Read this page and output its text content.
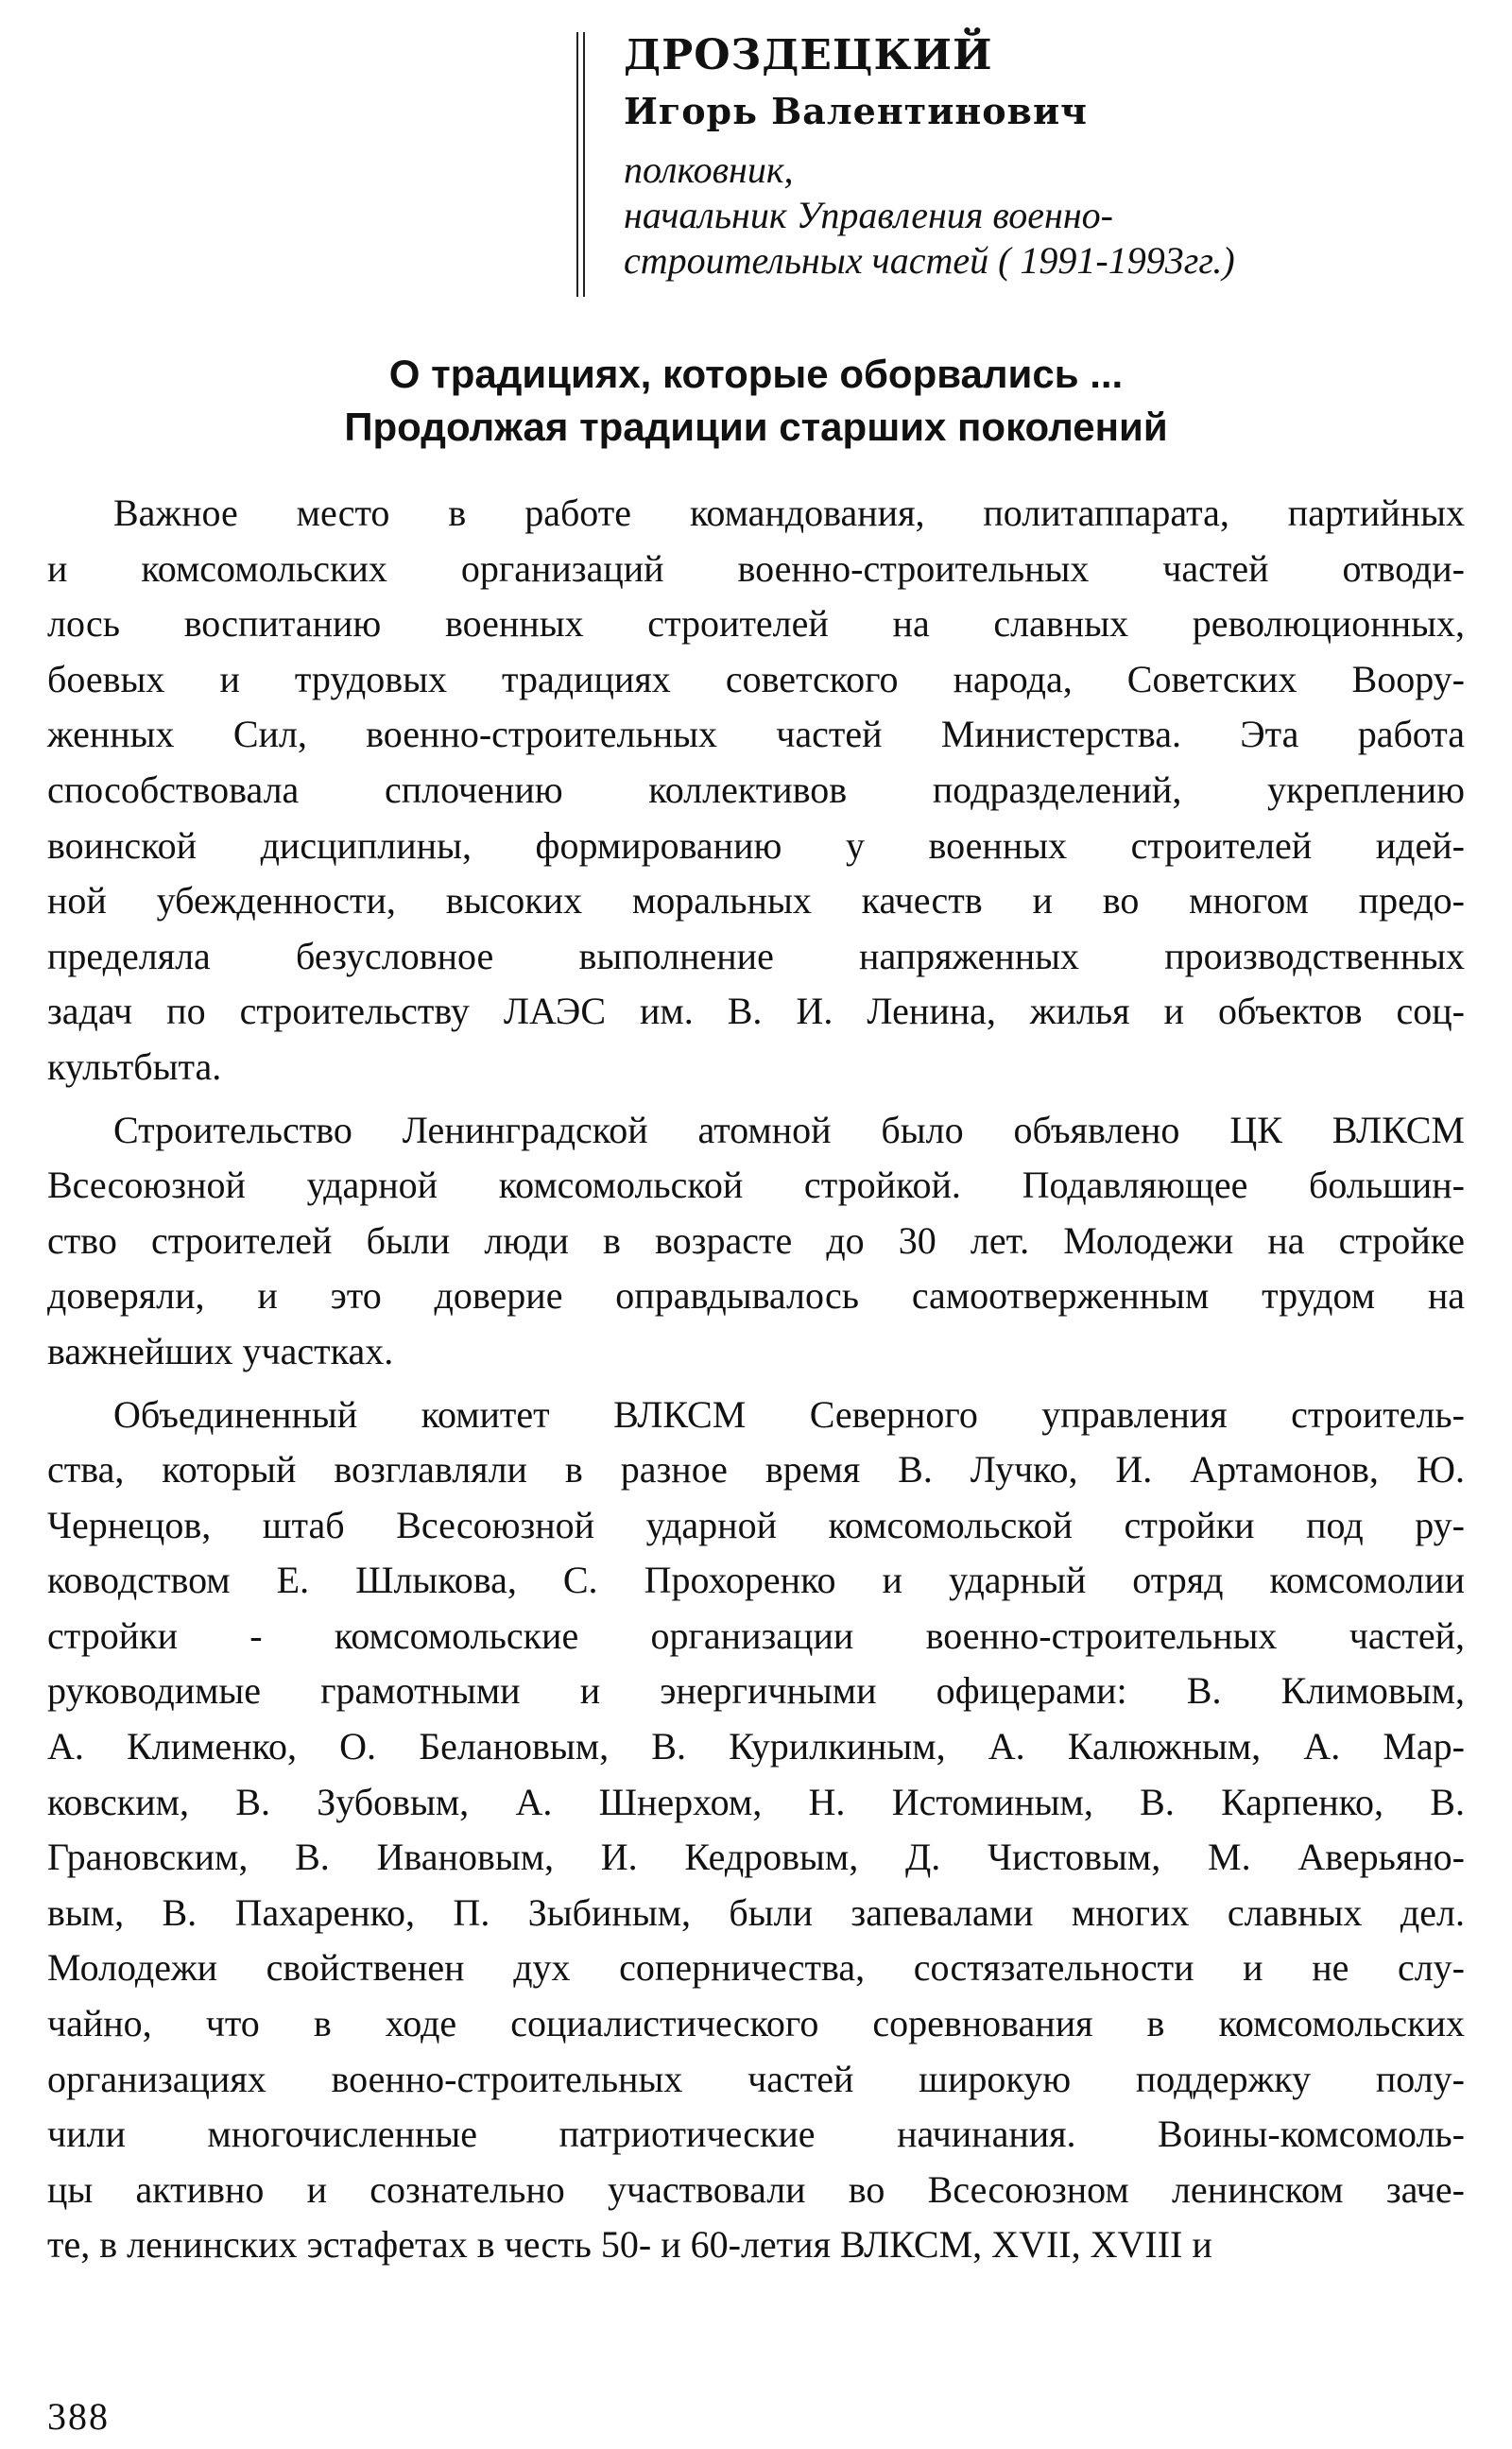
ДРОЗДЕЦКИЙ
Игорь Валентинович
полковник,
начальник Управления военно-
строительных частей ( 1991-1993гг.)
О традициях, которые оборвались ...
Продолжая традиции старших поколений
Важное место в работе командования, политаппарата, партийных
и комсомольских организаций военно-строительных частей отводи-
лось воспитанию военных строителей на славных революционных,
боевых и трудовых традициях советского народа, Советских Воору-
женных Сил, военно-строительных частей Министерства. Эта работа
способствовала сплочению коллективов подразделений, укреплению
воинской дисциплины, формированию у военных строителей идей-
ной убежденности, высоких моральных качеств и во многом предо-
пределяла безусловное выполнение напряженных производственных
задач по строительству ЛАЭС им. В. И. Ленина, жилья и объектов соц-
культбыта.
Строительство Ленинградской атомной было объявлено ЦК ВЛКСМ
Всесоюзной ударной комсомольской стройкой. Подавляющее большин-
ство строителей были люди в возрасте до 30 лет. Молодежи на стройке
доверяли, и это доверие оправдывалось самоотверженным трудом на
важнейших участках.
Объединенный комитет ВЛКСМ Северного управления строитель-
ства, который возглавляли в разное время В. Лучко, И. Артамонов, Ю.
Чернецов, штаб Всесоюзной ударной комсомольской стройки под ру-
ководством Е. Шлыкова, С. Прохоренко и ударный отряд комсомолии
стройки - комсомольские организации военно-строительных частей,
руководимые грамотными и энергичными офицерами: В. Климовым,
А. Клименко, О. Белановым, В. Курилкиным, А. Калюжным, А. Мар-
ковским, В. Зубовым, А. Шнерхом, Н. Истоминым, В. Карпенко, В.
Грановским, В. Ивановым, И. Кедровым, Д. Чистовым, М. Аверьяно-
вым, В. Пахаренко, П. Зыбиным, были запевалами многих славных дел.
Молодежи свойственен дух соперничества, состязательности и не слу-
чайно, что в ходе социалистического соревнования в комсомольских
организациях военно-строительных частей широкую поддержку полу-
чили многочисленные патриотические начинания. Воины-комсомоль-
цы активно и сознательно участвовали во Всесоюзном ленинском заче-
те, в ленинских эстафетах в честь 50- и 60-летия ВЛКСМ, XVII, XVIII и
388
